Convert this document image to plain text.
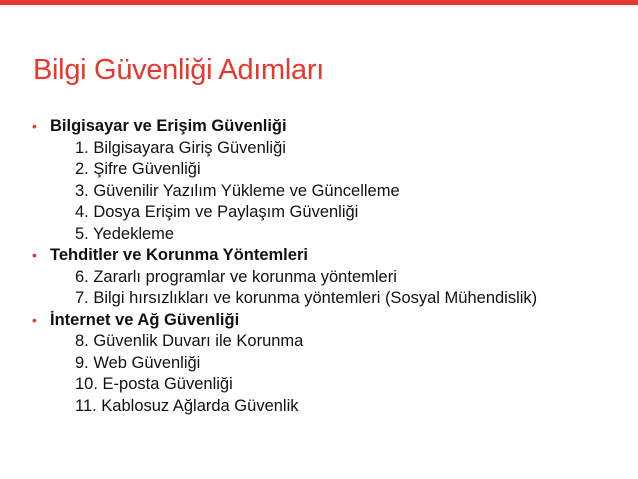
Bilgi Güvenliği Adımları
• Bilgisayar ve Erişim Güvenliği
1. Bilgisayara Giriş Güvenliği
2. Şifre Güvenliği
3. Güvenilir Yazılım Yükleme ve Güncelleme
4. Dosya Erişim ve Paylaşım Güvenliği
5. Yedekleme
• Tehditler ve Korunma Yöntemleri
6. Zararlı programlar ve korunma yöntemleri
7. Bilgi hırsızlıkları ve korunma yöntemleri (Sosyal Mühendislik)
• İnternet ve Ağ Güvenliği
8. Güvenlik Duvarı ile Korunma
9. Web Güvenliği
10. E-posta Güvenliği
11. Kablosuz Ağlarda Güvenlik
